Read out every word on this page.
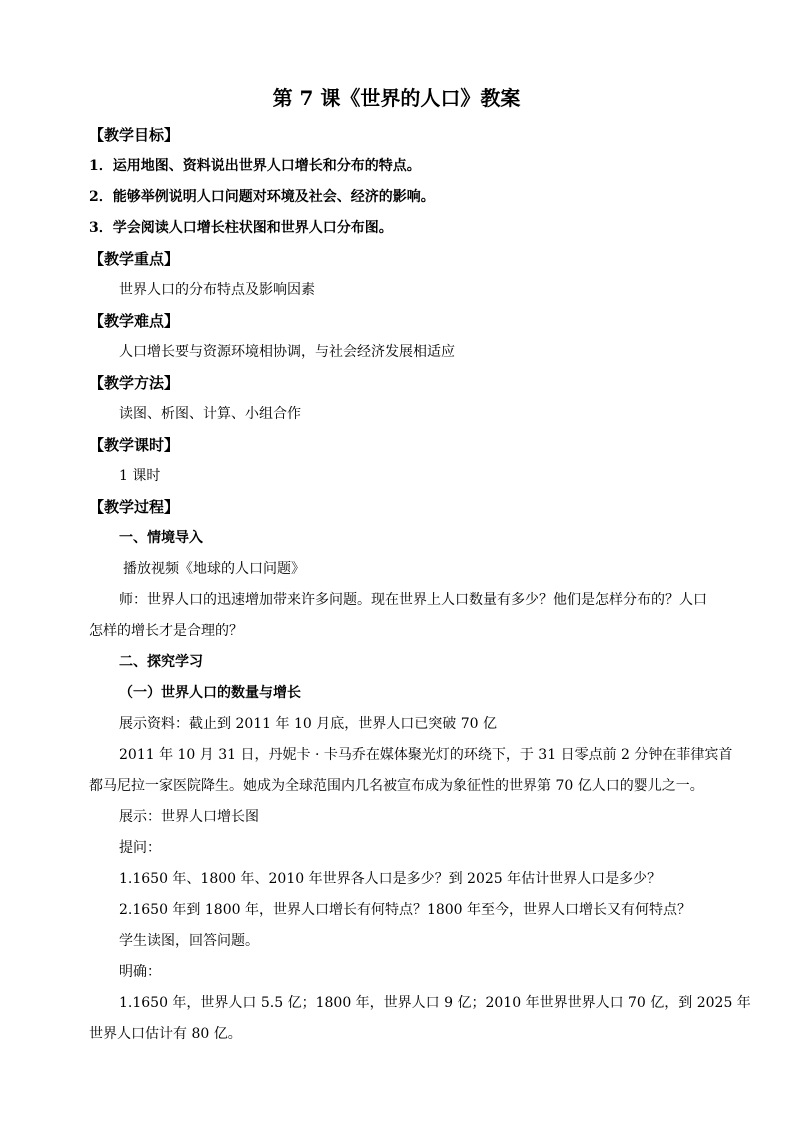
第 7 课《世界的人口》教案
【教学目标】
1．运用地图、资料说出世界人口增长和分布的特点。
2．能够举例说明人口问题对环境及社会、经济的影响。
3．学会阅读人口增长柱状图和世界人口分布图。
【教学重点】
世界人口的分布特点及影响因素
【教学难点】
人口增长要与资源环境相协调，与社会经济发展相适应
【教学方法】
读图、析图、计算、小组合作
【教学课时】
1 课时
【教学过程】
一、情境导入
播放视频《地球的人口问题》
师：世界人口的迅速增加带来许多问题。现在世界上人口数量有多少？他们是怎样分布的？人口
怎样的增长才是合理的？
二、探究学习
（一）世界人口的数量与增长
展示资料：截止到 2011 年 10 月底，世界人口已突破 70 亿
2011 年 10 月 31 日，丹妮卡 · 卡马乔在媒体聚光灯的环绕下，于 31 日零点前 2 分钟在菲律宾首
都马尼拉一家医院降生。她成为全球范围内几名被宣布成为象征性的世界第 70 亿人口的婴儿之一。
展示：世界人口增长图
提问：
1.1650 年、1800 年、2010 年世界各人口是多少？到 2025 年估计世界人口是多少？
2.1650 年到 1800 年，世界人口增长有何特点？1800 年至今，世界人口增长又有何特点？
学生读图，回答问题。
明确：
1.1650 年，世界人口 5.5 亿；1800 年，世界人口 9 亿；2010 年世界世界人口 70 亿，到 2025 年
世界人口估计有 80 亿。
